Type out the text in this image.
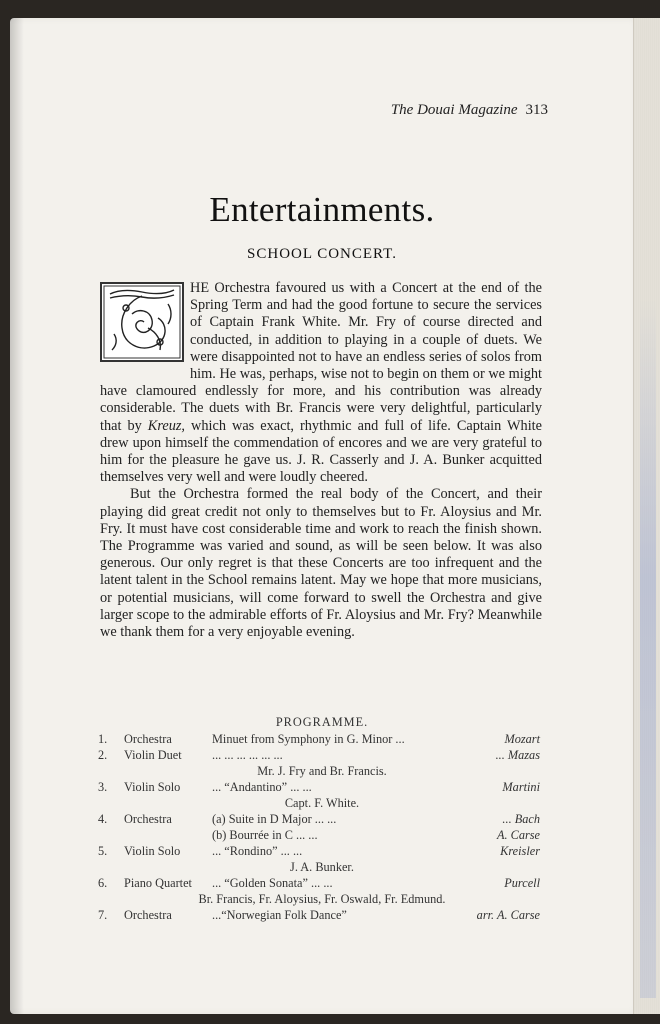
The Douai Magazine 313
Entertainments.
SCHOOL CONCERT.

HE Orchestra favoured us with a Concert at the end of the Spring Term and had the good fortune to secure the services of Captain Frank White. Mr. Fry of course directed and conducted, in addition to playing in a couple of duets. We were disappointed not to have an endless series of solos from him. He was, perhaps, wise not to begin on them or we might have clamoured endlessly for more, and his contribution was already considerable. The duets with Br. Francis were very delightful, particularly that by Kreuz, which was exact, rhythmic and full of life. Captain White drew upon himself the commendation of encores and we are very grateful to him for the pleasure he gave us. J. R. Casserly and J. A. Bunker acquitted themselves very well and were loudly cheered.

But the Orchestra formed the real body of the Concert, and their playing did great credit not only to themselves but to Fr. Aloysius and Mr. Fry. It must have cost considerable time and work to reach the finish shown. The Programme was varied and sound, as will be seen below. It was also generous. Our only regret is that these Concerts are too infrequent and the latent talent in the School remains latent. May we hope that more musicians, or potential musicians, will come forward to swell the Orchestra and give larger scope to the admirable efforts of Fr. Aloysius and Mr. Fry? Meanwhile we thank them for a very enjoyable evening.

PROGRAMME.
1. Orchestra	Minuet from Symphony in G. Minor ...	Mozart
2. Violin Duet ... ... ... ... ... ...	... Mazas
Mr. J. Fry and Br. Francis.
3. Violin Solo	... “Andantino” ... ...	Martini
Capt. F. White.
4. Orchestra	(a) Suite in D Major ... ...	... Bach
(b) Bourrée in C ... ...	A. Carse
5. Violin Solo	... “Rondino” ... ...	Kreisler
J. A. Bunker.
6. Piano Quartet ... “Golden Sonata” ... ...	Purcell
Br. Francis, Fr. Aloysius, Fr. Oswald, Fr. Edmund.
7. Orchestra	...“Norwegian Folk Dance”	arr. A. Carse
